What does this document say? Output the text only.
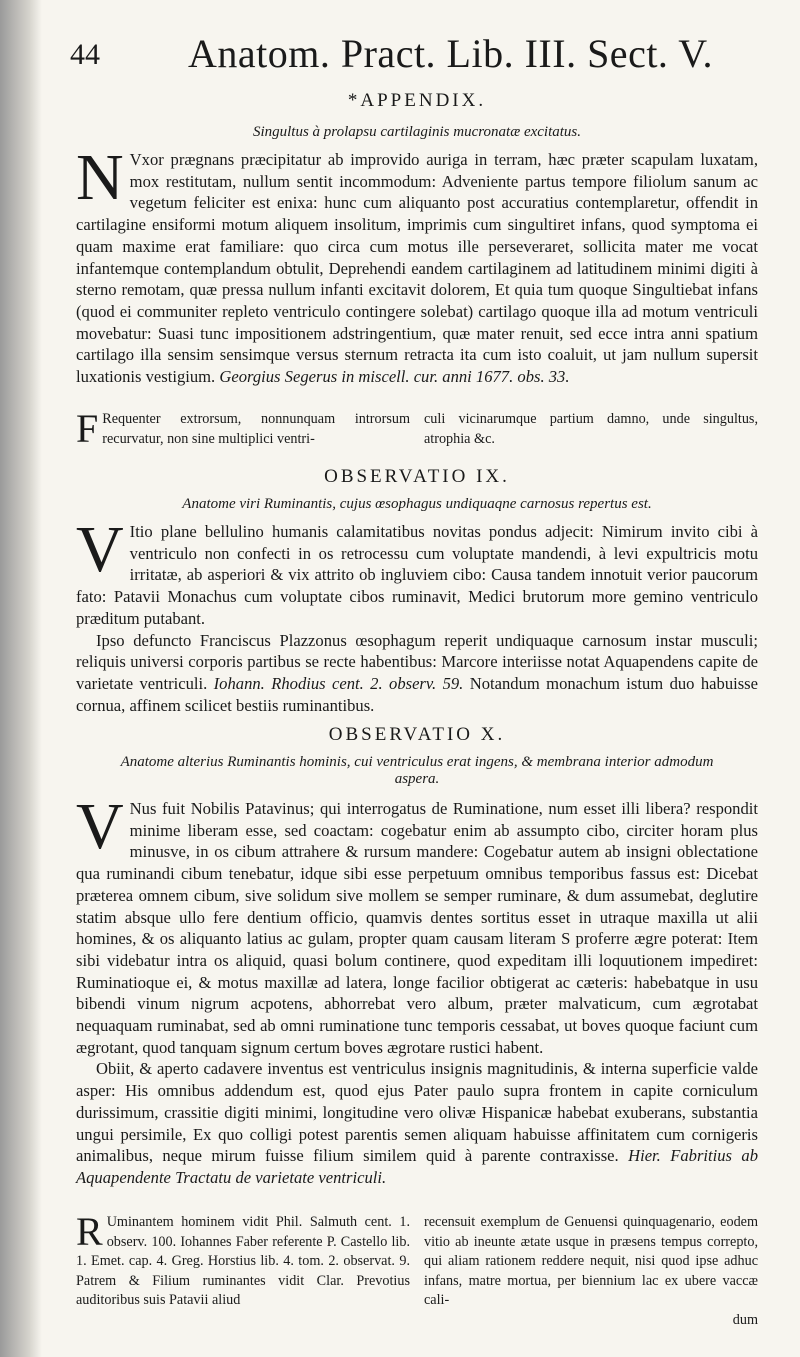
44 Anatom. Pract. Lib. III. Sect. V.
*APPENDIX.
Singultus à prolapsu cartilaginis mucronatæ excitatus.

N Vxor prægnans præcipitatur ab improvido auriga in terram, hæc præter scapulam luxatam, mox restitutam, nullum sentit incommodum: Adveniente partus tempore filiolum sanum ac vegetum feliciter est enixa: hunc cum aliquanto post accuratius contemplaretur, offendit in cartilagine ensiformi motum aliquem insolitum, imprimis cum singultiret infans, quod symptoma ei quam maxime erat familiare: quo circa cum motus ille perseveraret, sollicita mater me vocat infantemque contemplandum obtulit, Deprehendi eandem cartilaginem ad latitudinem minimi digiti à sterno remotam, quæ pressa nullum infanti excitavit dolorem, Et quia tum quoque Singultiebat infans (quod ei communiter repleto ventriculo contingere solebat) cartilago quoque illa ad motum ventriculi movebatur: Suasi tunc impositionem adstringentium, quæ mater renuit, sed ecce intra anni spatium cartilago illa sensim sensimque versus sternum retracta ita cum isto coaluit, ut jam nullum supersit luxationis vestigium. Georgius Segerus in miscell. cur. anni 1677. obs. 33.

F Requenter extrorsum, nonnunquam introrsum recurvatur, non sine multiplici ventri-
culi vicinarumque partium damno, unde singultus, atrophia &c.
OBSERVATIO IX.
Anatome viri Ruminantis, cujus œsophagus undiquaqne carnosus repertus est.

V Itio plane bellulino humanis calamitatibus novitas pondus adjecit: Nimirum invito cibi à ventriculo non confecti in os retrocessu cum voluptate mandendi, à levi expultricis motu irritatæ, ab asperiori & vix attrito ob ingluviem cibo: Causa tandem innotuit verior paucorum fato: Patavii Monachus cum voluptate cibos ruminavit, Medici brutorum more gemino ventriculo præditum putabant.

Ipso defuncto Franciscus Plazzonus œsophagum reperit undiquaque carnosum instar musculi; reliquis universi corporis partibus se recte habentibus: Marcore interiisse notat Aquapendens capite de varietate ventriculi. Iohann. Rhodius cent. 2. observ. 59. Notandum monachum istum duo habuisse cornua, affinem scilicet bestiis ruminantibus.

OBSERVATIO X.
Anatome alterius Ruminantis hominis, cui ventriculus erat ingens, & membrana interior admodum aspera.

V Nus fuit Nobilis Patavinus; qui interrogatus de Ruminatione, num esset illi libera? respondit minime liberam esse, sed coactam: cogebatur enim ab assumpto cibo, circiter horam plus minusve, in os cibum attrahere & rursum mandere: Cogebatur autem ab insigni oblectatione qua ruminandi cibum tenebatur, idque sibi esse perpetuum omnibus temporibus fassus est: Dicebat præterea omnem cibum, sive solidum sive mollem se semper ruminare, & dum assumebat, deglutire statim absque ullo fere dentium officio, quamvis dentes sortitus esset in utraque maxilla ut alii homines, & os aliquanto latius ac gulam, propter quam causam literam S proferre ægre poterat: Item sibi videbatur intra os aliquid, quasi bolum continere, quod expeditam illi loquutionem impediret: Ruminatioque ei, & motus maxillæ ad latera, longe facilior obtigerat ac cæteris: habebatque in usu bibendi vinum nigrum acpotens, abhorrebat vero album, præter malvaticum, cum ægrotabat nequaquam ruminabat, sed ab omni ruminatione tunc temporis cessabat, ut boves quoque faciunt cum ægrotant, quod tanquam signum certum boves ægrotare rustici habent.

Obiit, & aperto cadavere inventus est ventriculus insignis magnitudinis, & interna superficie valde asper: His omnibus addendum est, quod ejus Pater paulo supra frontem in capite corniculum durissimum, crassitie digiti minimi, longitudine vero olivæ Hispanicæ habebat exuberans, substantia ungui persimile, Ex quo colligi potest parentis semen aliquam habuisse affinitatem cum cornigeris animalibus, neque mirum fuisse filium similem quid à parente contraxisse. Hier. Fabritius ab Aquapendente Tractatu de varietate ventriculi.

R Uminantem hominem vidit Phil. Salmuth cent. 1. observ. 100. Iohannes Faber referente P. Castello lib. 1. Emet. cap. 4. Greg. Horstius lib. 4. tom. 2. observat. 9. Patrem & Filium ruminantes vidit Clar. Prevotius auditoribus suis Patavii aliud
recensuit exemplum de Genuensi quinquagenario, eodem vitio ab ineunte ætate usque in præsens tempus correpto, qui aliam rationem reddere nequit, nisi quod ipse adhuc infans, matre mortua, per biennium lac ex ubere vaccæ cali-
dum
